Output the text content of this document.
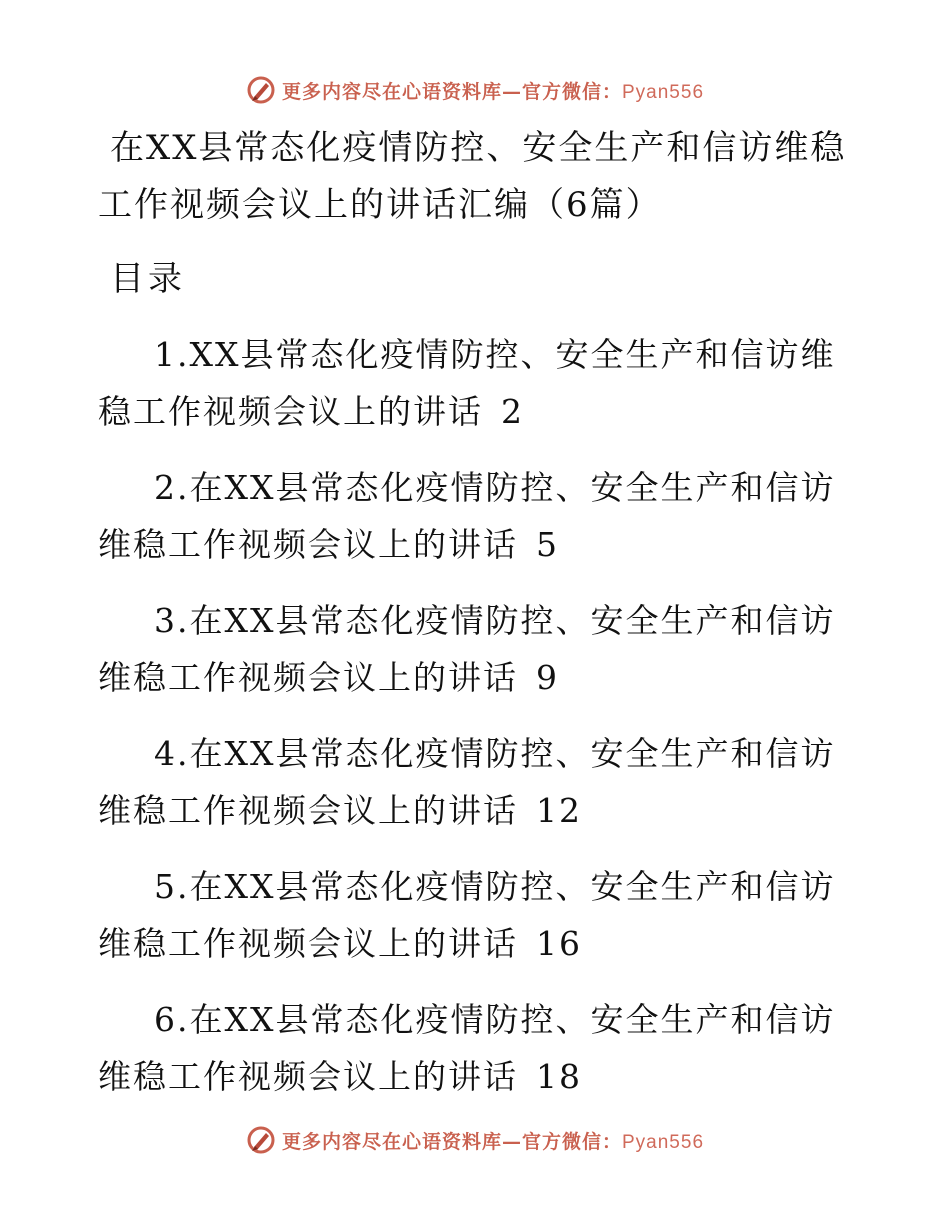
更多内容尽在心语资料库—官方微信：Pyan556
在XX县常态化疫情防控、安全生产和信访维稳工作视频会议上的讲话汇编（6篇）
目录
1.XX县常态化疫情防控、安全生产和信访维稳工作视频会议上的讲话 2
2.在XX县常态化疫情防控、安全生产和信访维稳工作视频会议上的讲话 5
3.在XX县常态化疫情防控、安全生产和信访维稳工作视频会议上的讲话 9
4.在XX县常态化疫情防控、安全生产和信访维稳工作视频会议上的讲话 12
5.在XX县常态化疫情防控、安全生产和信访维稳工作视频会议上的讲话 16
6.在XX县常态化疫情防控、安全生产和信访维稳工作视频会议上的讲话 18
更多内容尽在心语资料库—官方微信：Pyan556
